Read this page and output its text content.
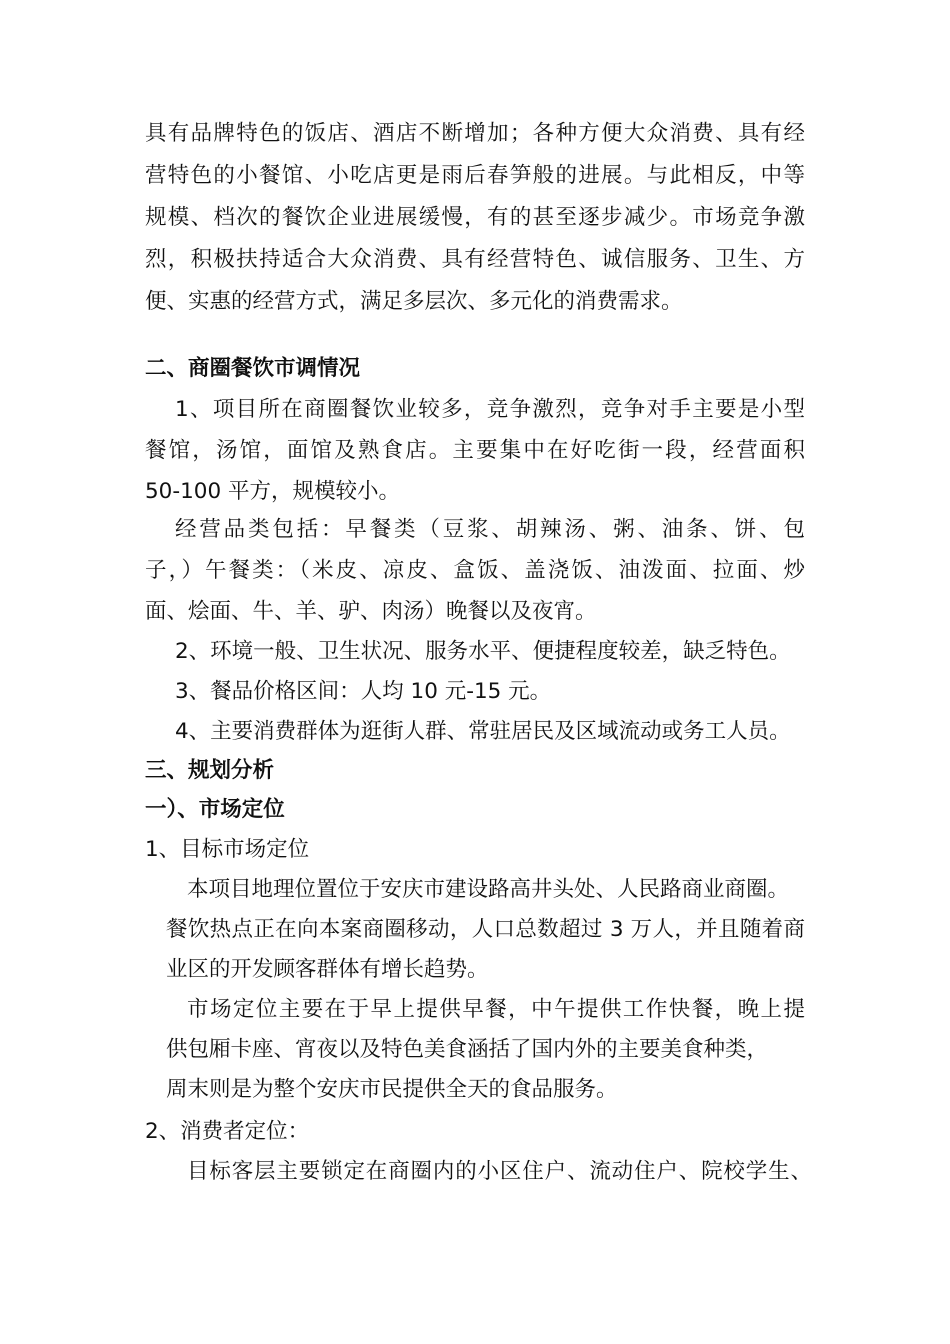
具有品牌特色的饭店、酒店不断增加；各种方便大众消费、具有经
营特色的小餐馆、小吃店更是雨后春笋般的进展。与此相反，中等
规模、档次的餐饮企业进展缓慢，有的甚至逐步减少。市场竞争激
烈，积极扶持适合大众消费、具有经营特色、诚信服务、卫生、方
便、实惠的经营方式，满足多层次、多元化的消费需求。
二、商圈餐饮市调情况
1、项目所在商圈餐饮业较多，竞争激烈，竞争对手主要是小型
餐馆，汤馆，面馆及熟食店。主要集中在好吃街一段，经营面积
50-100 平方，规模较小。
经营品类包括：早餐类（豆浆、胡辣汤、粥、油条、饼、包
子，）午餐类：（米皮、凉皮、盒饭、盖浇饭、油泼面、拉面、炒
面、烩面、牛、羊、驴、肉汤）晚餐以及夜宵。
2、环境一般、卫生状况、服务水平、便捷程度较差，缺乏特色。
3、餐品价格区间：人均 10 元-15 元。
4、主要消费群体为逛街人群、常驻居民及区域流动或务工人员。
三、规划分析
一）、市场定位
1、目标市场定位
本项目地理位置位于安庆市建设路高井头处、人民路商业商圈。
餐饮热点正在向本案商圈移动，人口总数超过 3 万人，并且随着商
业区的开发顾客群体有增长趋势。
市场定位主要在于早上提供早餐，中午提供工作快餐，晚上提
供包厢卡座、宵夜以及特色美食涵括了国内外的主要美食种类，
周末则是为整个安庆市民提供全天的食品服务。
2、消费者定位：
目标客层主要锁定在商圈内的小区住户、流动住户、院校学生、
